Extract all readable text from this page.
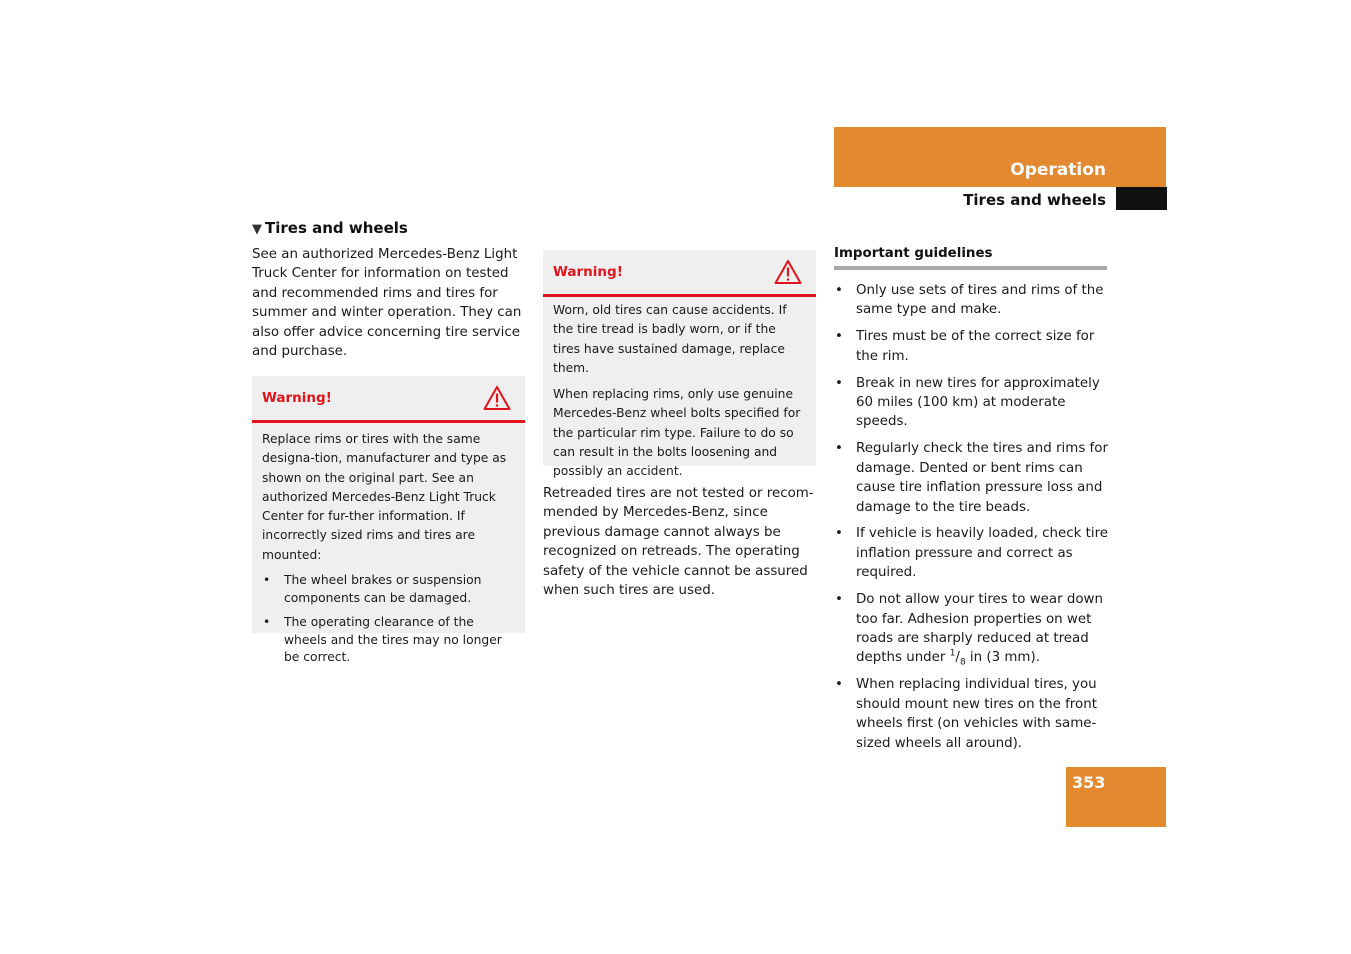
Operation
Tires and wheels
▼ Tires and wheels
See an authorized Mercedes-Benz Light Truck Center for information on tested and recommended rims and tires for summer and winter operation. They can also offer advice concerning tire service and purchase.
Warning!

Replace rims or tires with the same designa-tion, manufacturer and type as shown on the original part. See an authorized Mercedes-Benz Light Truck Center for fur-ther information. If incorrectly sized rims and tires are mounted:

• The wheel brakes or suspension components can be damaged.
• The operating clearance of the wheels and the tires may no longer be correct.
Warning!

Worn, old tires can cause accidents. If the tire tread is badly worn, or if the tires have sustained damage, replace them.

When replacing rims, only use genuine Mercedes-Benz wheel bolts specified for the particular rim type. Failure to do so can result in the bolts loosening and possibly an accident.

Retreaded tires are not tested or recom-mended by Mercedes-Benz, since previous damage cannot always be recognized on retreads. The operating safety of the vehicle cannot be assured when such tires are used.
Important guidelines
• Only use sets of tires and rims of the same type and make.
• Tires must be of the correct size for the rim.
• Break in new tires for approximately 60 miles (100 km) at moderate speeds.
• Regularly check the tires and rims for damage. Dented or bent rims can cause tire inflation pressure loss and damage to the tire beads.
• If vehicle is heavily loaded, check tire inflation pressure and correct as required.
• Do not allow your tires to wear down too far. Adhesion properties on wet roads are sharply reduced at tread depths under $^1/_8$ in (3 mm).
• When replacing individual tires, you should mount new tires on the front wheels first (on vehicles with same-sized wheels all around).
353
